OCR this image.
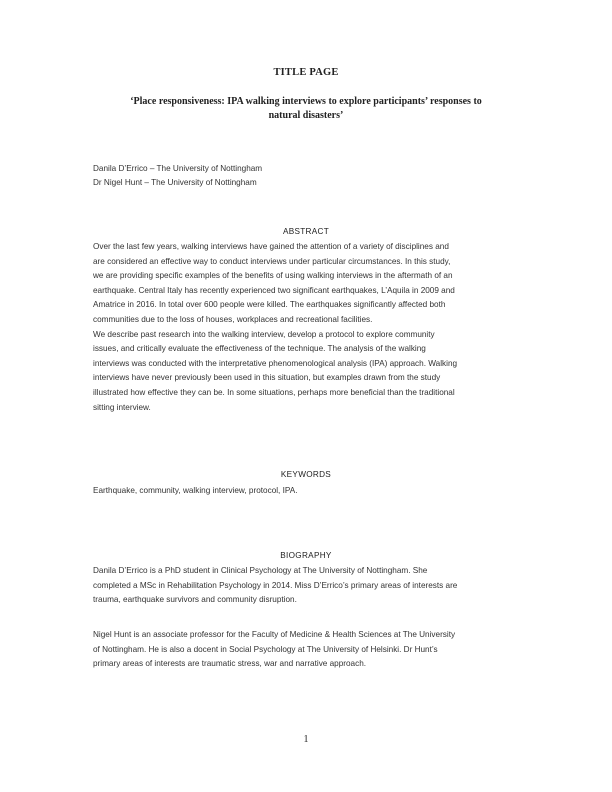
TITLE PAGE
‘Place responsiveness: IPA walking interviews to explore participants’ responses to
natural disasters’
Danila D’Errico – The University of Nottingham
Dr Nigel Hunt – The University of Nottingham
ABSTRACT

Over the last few years, walking interviews have gained the attention of a variety of disciplines and

are considered an effective way to conduct interviews under particular circumstances. In this study,

we are providing specific examples of the benefits of using walking interviews in the aftermath of an

earthquake. Central Italy has recently experienced two significant earthquakes, L’Aquila in 2009 and

Amatrice in 2016. In total over 600 people were killed. The earthquakes significantly affected both

communities due to the loss of houses, workplaces and recreational facilities.

We describe past research into the walking interview, develop a protocol to explore community

issues, and critically evaluate the effectiveness of the technique. The analysis of the walking

interviews was conducted with the interpretative phenomenological analysis (IPA) approach. Walking

interviews have never previously been used in this situation, but examples drawn from the study

illustrated how effective they can be. In some situations, perhaps more beneficial than the traditional

sitting interview.

KEYWORDS

Earthquake, community, walking interview, protocol, IPA.

BIOGRAPHY

Danila D’Errico is a PhD student in Clinical Psychology at The University of Nottingham. She

completed a MSc in Rehabilitation Psychology in 2014. Miss D’Errico’s primary areas of interests are

trauma, earthquake survivors and community disruption.

Nigel Hunt is an associate professor for the Faculty of Medicine & Health Sciences at The University

of Nottingham. He is also a docent in Social Psychology at The University of Helsinki. Dr Hunt’s

primary areas of interests are traumatic stress, war and narrative approach.

1
